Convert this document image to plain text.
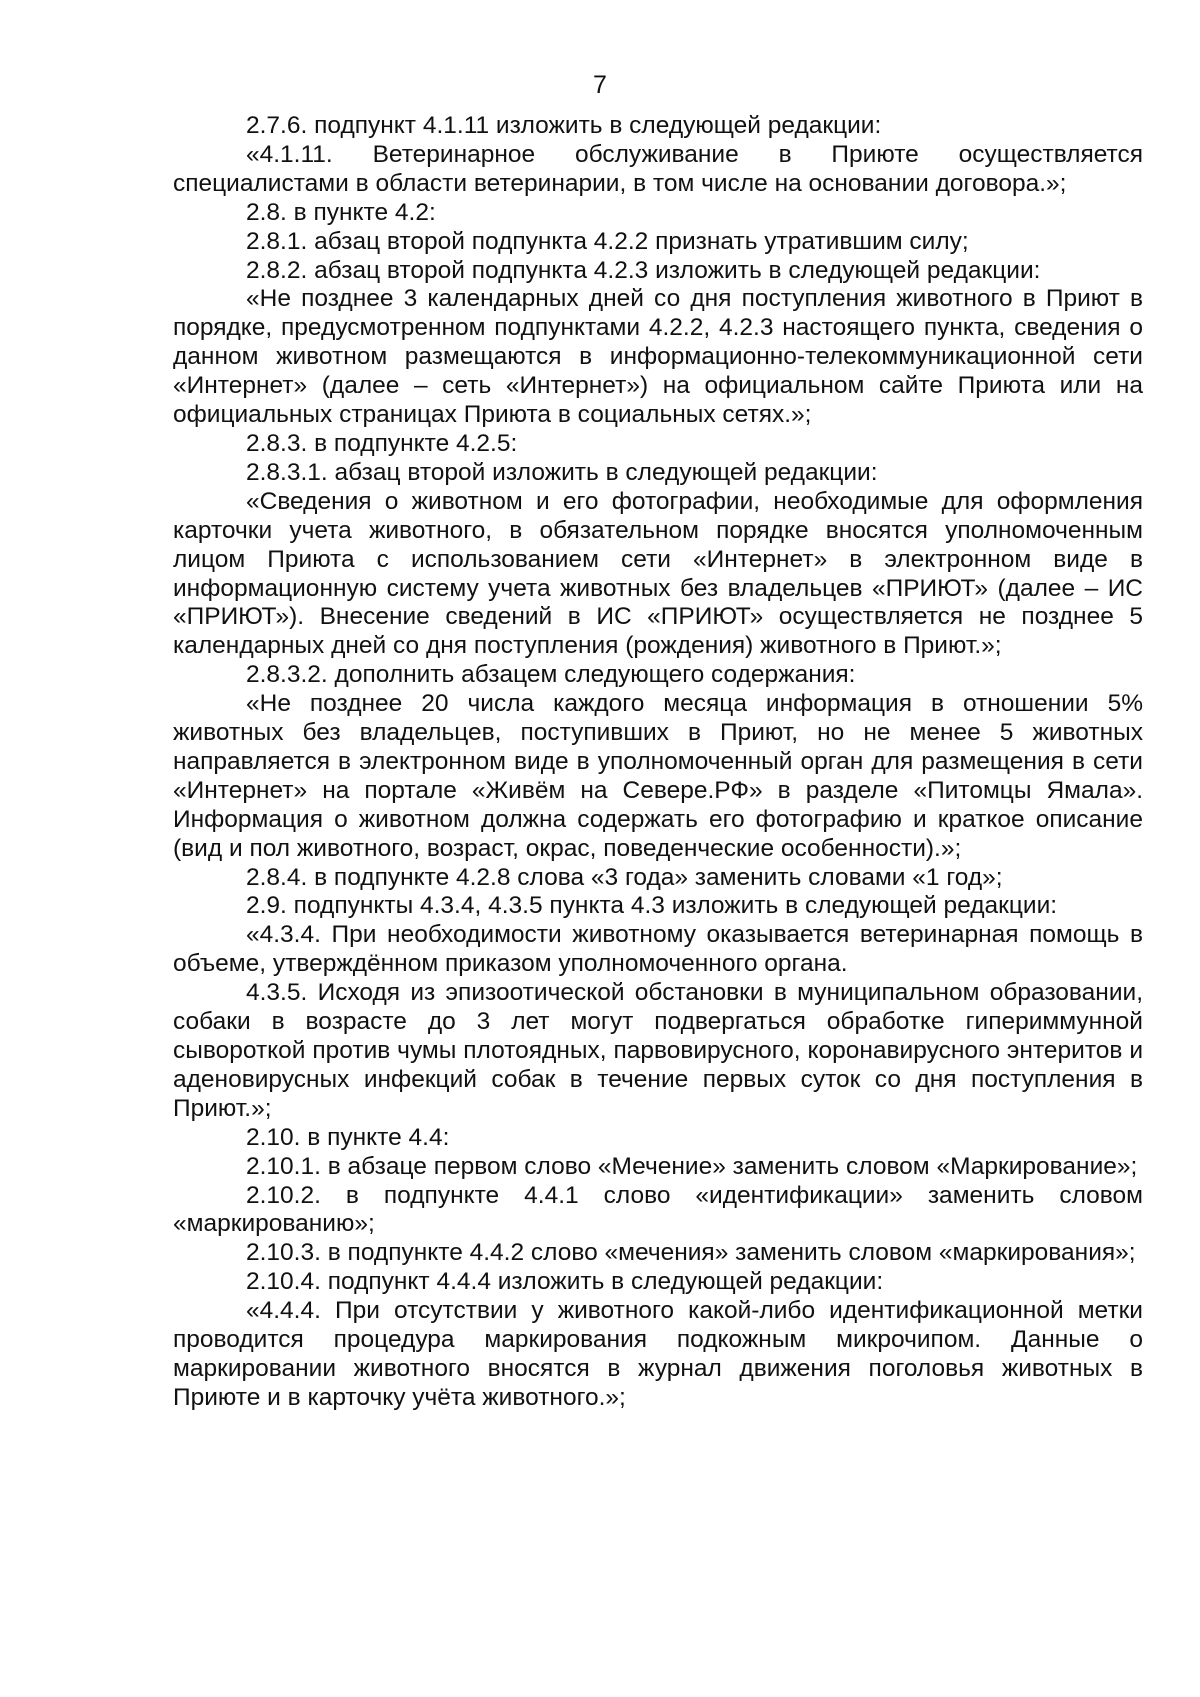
7

2.7.6. подпункт 4.1.11 изложить в следующей редакции:

«4.1.11. Ветеринарное обслуживание в Приюте осуществляется специалистами в области ветеринарии, в том числе на основании договора.»;

2.8. в пункте 4.2:

2.8.1. абзац второй подпункта 4.2.2 признать утратившим силу;

2.8.2. абзац второй подпункта 4.2.3 изложить в следующей редакции:

«Не позднее 3 календарных дней со дня поступления животного в Приют в порядке, предусмотренном подпунктами 4.2.2, 4.2.3 настоящего пункта, сведения о данном животном размещаются в информационно-телекоммуникационной сети «Интернет» (далее – сеть «Интернет») на официальном сайте Приюта или на официальных страницах Приюта в социальных сетях.»;

2.8.3. в подпункте 4.2.5:

2.8.3.1. абзац второй изложить в следующей редакции:

«Сведения о животном и его фотографии, необходимые для оформления карточки учета животного, в обязательном порядке вносятся уполномоченным лицом Приюта с использованием сети «Интернет» в электронном виде в информационную систему учета животных без владельцев «ПРИЮТ» (далее – ИС «ПРИЮТ»). Внесение сведений в ИС «ПРИЮТ» осуществляется не позднее 5 календарных дней со дня поступления (рождения) животного в Приют.»;

2.8.3.2. дополнить абзацем следующего содержания:

«Не позднее 20 числа каждого месяца информация в отношении 5% животных без владельцев, поступивших в Приют, но не менее 5 животных направляется в электронном виде в уполномоченный орган для размещения в сети «Интернет» на портале «Живём на Севере.РФ» в разделе «Питомцы Ямала». Информация о животном должна содержать его фотографию и краткое описание (вид и пол животного, возраст, окрас, поведенческие особенности).»;

2.8.4. в подпункте 4.2.8 слова «3 года» заменить словами «1 год»;

2.9. подпункты 4.3.4, 4.3.5 пункта 4.3 изложить в следующей редакции:

«4.3.4. При необходимости животному оказывается ветеринарная помощь в объеме, утверждённом приказом уполномоченного органа.

4.3.5. Исходя из эпизоотической обстановки в муниципальном образовании, собаки в возрасте до 3 лет могут подвергаться обработке гипериммунной сывороткой против чумы плотоядных, парвовирусного, коронавирусного энтеритов и аденовирусных инфекций собак в течение первых суток со дня поступления в Приют.»;

2.10. в пункте 4.4:

2.10.1. в абзаце первом слово «Мечение» заменить словом «Маркирование»;

2.10.2. в подпункте 4.4.1 слово «идентификации» заменить словом «маркированию»;

2.10.3. в подпункте 4.4.2 слово «мечения» заменить словом «маркирования»;

2.10.4. подпункт 4.4.4 изложить в следующей редакции:

«4.4.4. При отсутствии у животного какой-либо идентификационной метки проводится процедура маркирования подкожным микрочипом. Данные о маркировании животного вносятся в журнал движения поголовья животных в Приюте и в карточку учёта животного.»;
